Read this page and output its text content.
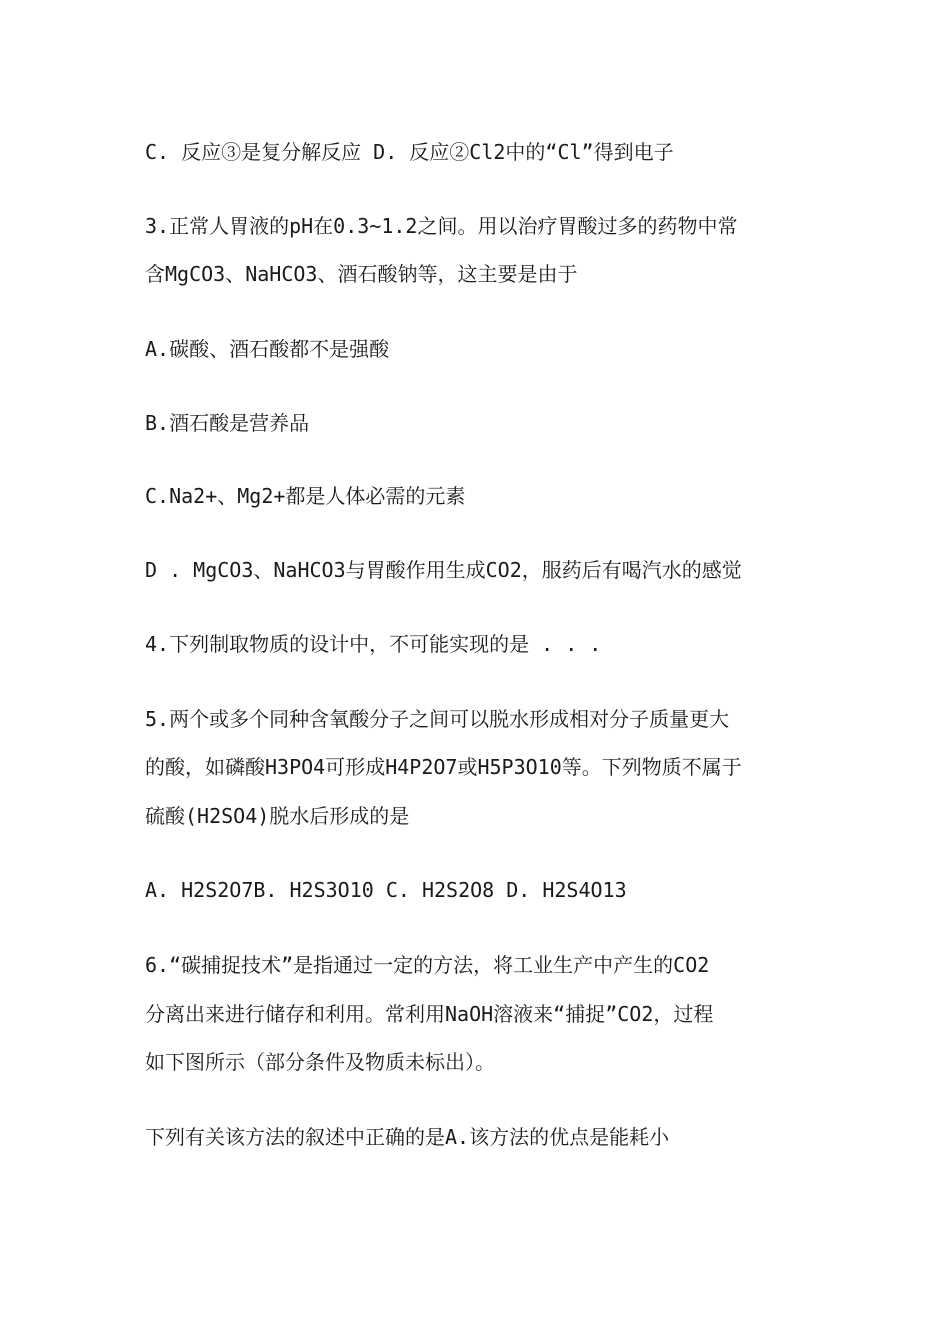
C. 反应③是复分解反应 D. 反应②Cl2中的“Cl”得到电子
3.正常人胃液的pH在0.3~1.2之间。用以治疗胃酸过多的药物中常
含MgCO3、NaHCO3、酒石酸钠等，这主要是由于
A.碳酸、酒石酸都不是强酸
B.酒石酸是营养品
C.Na2+、Mg2+都是人体必需的元素
D . MgCO3、NaHCO3与胃酸作用生成CO2，服药后有喝汽水的感觉
4.下列制取物质的设计中，不可能实现的是 . . .
5.两个或多个同种含氧酸分子之间可以脱水形成相对分子质量更大
的酸，如磷酸H3PO4可形成H4P2O7或H5P3O10等。下列物质不属于
硫酸(H2SO4)脱水后形成的是
A. H2S2O7B. H2S3O10 C. H2S2O8 D. H2S4O13
6.“碳捕捉技术”是指通过一定的方法，将工业生产中产生的CO2
分离出来进行储存和利用。常利用NaOH溶液来“捕捉”CO2，过程
如下图所示（部分条件及物质未标出）。
下列有关该方法的叙述中正确的是A.该方法的优点是能耗小
